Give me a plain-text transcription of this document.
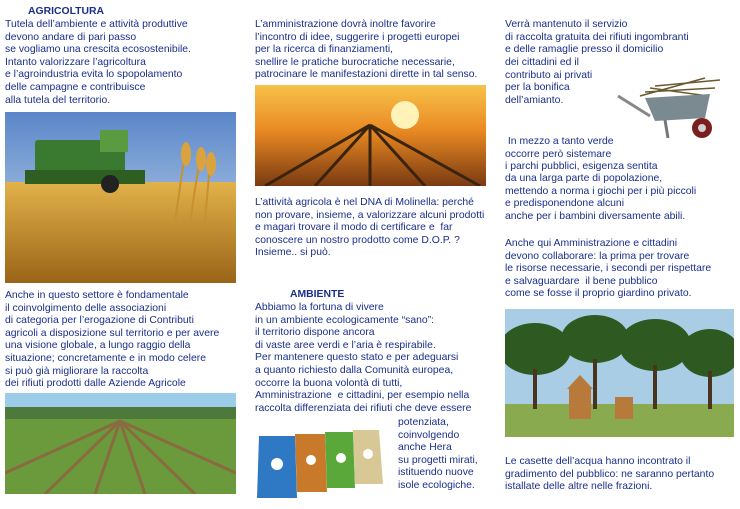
AGRICOLTURA

Tutela dell’ambiente e attività produttive
devono andare di pari passo
se vogliamo una crescita ecosostenibile.
Intanto valorizzare l’agricoltura
e l’agroindustria evita lo spopolamento
delle campagne e contribuisce
alla tutela del territorio.

Anche in questo settore è fondamentale
il coinvolgimento delle associazioni
di categoria per l’erogazione di Contributi
agricoli a disposizione sul territorio e per avere
una visione globale, a lungo raggio della
situazione; concretamente e in modo celere
si può già migliorare la raccolta
dei rifiuti prodotti dalle Aziende Agricole

L’amministrazione dovrà inoltre favorire
l’incontro di idee, suggerire i progetti europei
per la ricerca di finanziamenti,
snellire le pratiche burocratiche necessarie,
patrocinare le manifestazioni dirette in tal senso.

L’attività agricola è nel DNA di Molinella: perché
non provare, insieme, a valorizzare alcuni prodotti
e magari trovare il modo di certificare e  far
conoscere un nostro prodotto come D.O.P. ?
Insieme.. si può.

AMBIENTE

Abbiamo la fortuna di vivere
in un ambiente ecologicamente “sano”:
il territorio dispone ancora
di vaste aree verdi e l’aria è respirabile.
Per mantenere questo stato e per adeguarsi
a quanto richiesto dalla Comunità europea,
occorre la buona volontà di tutti,
Amministrazione  e cittadini, per esempio nella
raccolta differenziata dei rifiuti che deve essere

potenziata,
coinvolgendo
anche Hera
su progetti mirati,
istituendo nuove
isole ecologiche.

Verrà mantenuto il servizio
di raccolta gratuita dei rifiuti ingombranti
e delle ramaglie presso il domicilio

dei cittadini ed il
contributo ai privati
per la bonifica
dell’amianto.

In mezzo a tanto verde
occorre però sistemare
i parchi pubblici, esigenza sentita

da una larga parte di popolazione,
mettendo a norma i giochi per i più piccoli
e predisponendone alcuni
anche per i bambini diversamente abili.

Anche qui Amministrazione e cittadini
devono collaborare: la prima per trovare
le risorse necessarie, i secondi per rispettare
e salvaguardare  il bene pubblico
come se fosse il proprio giardino privato.

Le casette dell’acqua hanno incontrato il
gradimento del pubblico: ne saranno pertanto
istallate delle altre nelle frazioni.
